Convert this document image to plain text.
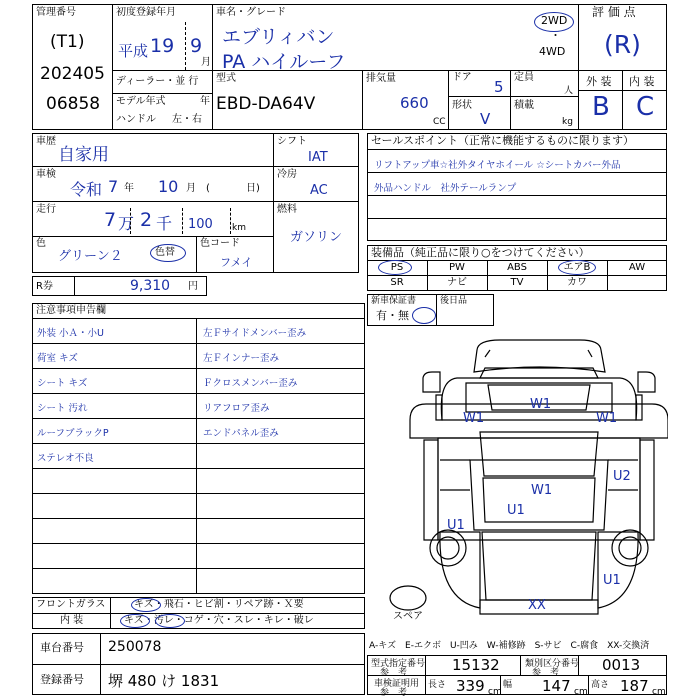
管理番号
(T1)
202405
06858
初度登録年月
平成 19 9
月
車名・グレード
エブリィバン
PA ハイルーフ
2WD
・
4WD
評 価 点
(R)
外 装 内 装
B C
ディーラー・並 行
モデル年式	年
ハンドル 左・右
型式
EBD-DA64V
排気量
660
CC
ドア
5
定員
人
形状
V
積載
kg
車歴
自家用
車検
令和 7 年 10 月 (	日)
走行	7 万 2 千 100 km
色
グリーン２	色替
色コード
フメイ
シフト
IAT
冷房
AC
燃料
ガソリン
R券	9,310 円
セールスポイント（正常に機能するものに限ります）
リフトアップ車☆社外タイヤホイール ☆シートカバー外品
外品ハンドル　社外テールランプ
装備品（純正品に限り○をつけてください）
PS	PW	ABS	エアB	AW
SR	ナビ	TV	カワ
新車保証書
有・無
後日品
注意事項申告欄
外装 小Ａ・小U	左Ｆサイドメンバー歪み
荷室 キズ	左Ｆインナー歪み
シート キズ	Ｆクロスメンバー歪み
シート 汚れ	リアフロア歪み
ルーフブラックP	エンドパネル歪み
ステレオ不良
W1
W1
W1
U2
W1
U1
U1
U1
XX
スペア
フロントガラス	キズ・飛石・ヒビ割・リペア跡・Ｘ要
内 装	キズ・汚レ・コゲ・穴・スレ・キレ・破レ
車台番号 250078
登録番号 堺 480 け 1831
A-キズ　E-エクボ　U-凹み　W-補修跡　S-サビ　C-腐食　XX-交換済
型式指定番号
参　考	15132	類別区分番号
参　考	0013
車検証明用
参　考
長さ 339 cm
幅 147 cm
高さ 187 cm
